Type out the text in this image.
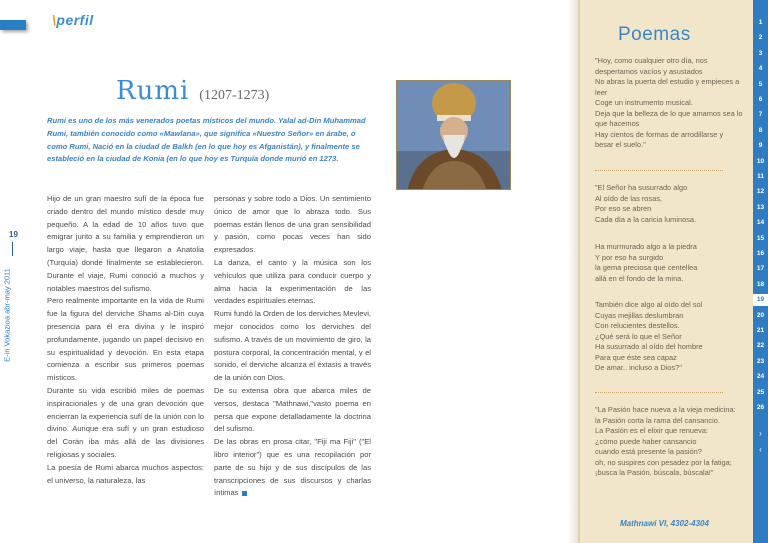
\perfil
19
E-in Vokazioa abr-may 2011
Rumi (1207-1273)
Rumi es uno de los más venerados poetas místicos del mundo. Yalal ad-Din Muhammad Rumi, también conocido como «Mawlana», que significa «Nuestro Señor» en árabe, o como Rumi, Nació en la ciudad de Balkh (en lo que hoy es Afganistán), y finalmente se estableció en la ciudad de Konia (en lo que hoy es Turquía donde murió en 1273.

Hijo de un gran maestro sufí de la época fue criado dentro del mundo místico desde muy pequeño. A la edad de 10 años tuvo que emigrar junto a su familia y emprendieron un largo viaje, hasta que llegaron a Anatolia (Turquía) donde finalmente se establecieron. Durante el viaje, Rumi conoció a muchos y notables maestros del sufismo.

Pero realmente importante en la vida de Rumi fue la figura del derviche Shams al-Din cuya presencia para él era divina y le inspiró profundamente, jugando un papel decisivo en su espiritualidad y devoción. En esta etapa comienza a escribir sus primeros poemas místicos.

Durante su vida escribió miles de poemas inspiracionales y de una gran devoción que encierran la experiencia sufí de la unión con lo divino. Aunque era sufí y un gran estudioso del Corán iba más allá de las divisiones religiosas y sociales.

La poesía de Rumi abarca muchos aspectos: el universo, la naturaleza, las

personas y sobre todo a Dios. Un sentimiento único de amor que lo abraza todo. Sus poemas están llenos de una gran sensibilidad y pasión, como pocas veces han sido expresados.

La danza, el canto y la música son los vehículos que utiliza para conducir cuerpo y alma hacia la experimentación de las verdades espirituales eternas.

Rumi fundó la Orden de los derviches Mevlevi, mejor conocidos como los derviches del sufismo. A través de un movimiento de giro, la postura corporal, la concentración mental, y el sonido, el derviche alcanza el éxtasis a través de la unión con Dios.

De su extensa obra que abarca miles de versos, destaca "Mathnawi,"vasto poema en persa que expone detalladamente la doctrina del sufismo.

De las obras en prosa citar, "Fiji ma Fiji" ("El libro interior") que es una recopilación por parte de su hijo y de sus discípulos de las transcripciones de sus discursos y charlas íntimas

Poemas
"Hoy, como cualquier otro día, nos despertamos vacíos y asustados
No abras la puerta del estudio y empieces a leer
Coge un instrumento musical.
Deja que la belleza de lo que amamos sea lo que hacemos
Hay cientos de formas de arrodillarse y besar el suelo."
"El Señor ha susurrado algo
Al oído de las rosas,
Por eso se abren
Cada día a la caricia luminosa.
Ha murmurado algo a la piedra
Y por eso ha surgido
la gema preciosa que centellea
allá en el fondo de la mina.
También dice algo al oído del sol
Cuyas mejillas deslumbran
Con relucientes destellos.
¿Qué será lo que el Señor
Ha susurrado al oído del hombre
Para que éste sea capaz
De amar.. incluso a Dios?"
"La Pasión hace nueva a la vieja medicina:
la Pasión corta la rama del cansancio.
La Pasión es el elixir que renueva:
¿cómo puede haber cansancio
cuando está presente la pasión?
oh, no suspires con pesadez por la fatiga;
¡busca la Pasión, búscala, búscala!"
Mathnawi VI, 4302-4304
1
2
3
4
5
6
7
8
9
10
11
12
13
14
15
16
17
18
19
20
21
22
23
24
25
26
›
‹
